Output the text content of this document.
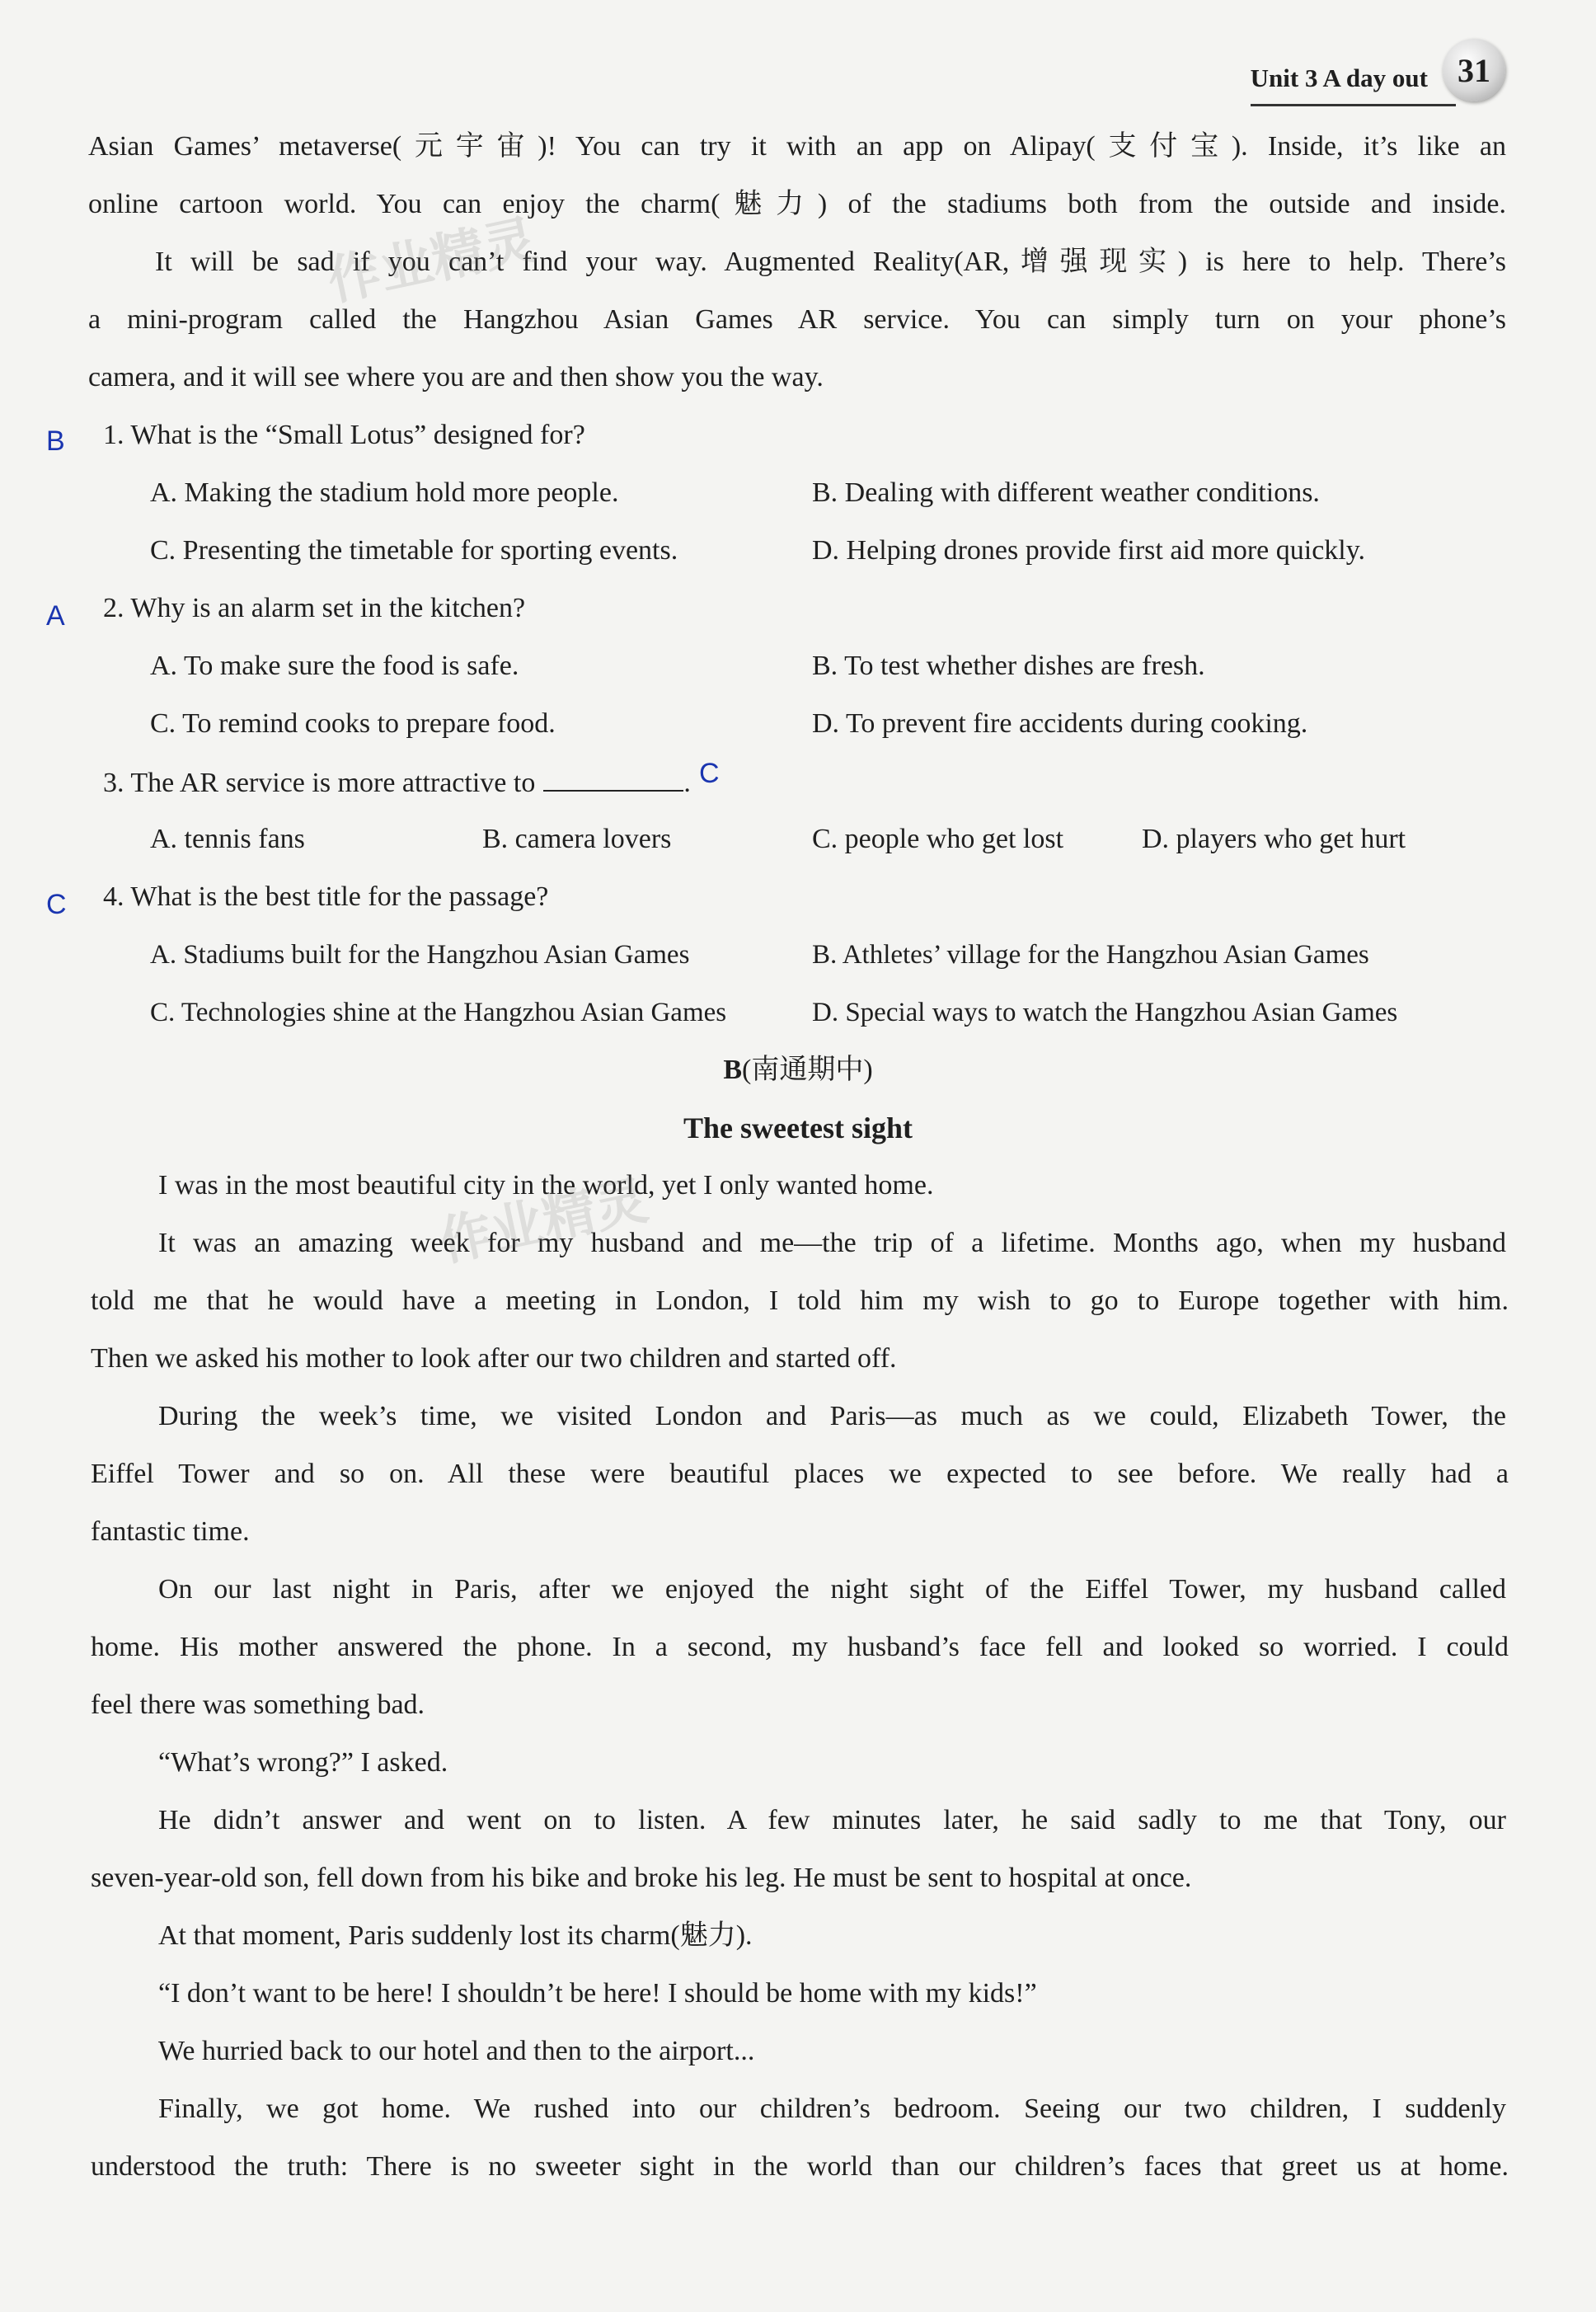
Unit 3 A day out 31
Asian Games’ metaverse(元宇宙)! You can try it with an app on Alipay(支付宝). Inside, it’s like an
online cartoon world. You can enjoy the charm(魅力) of the stadiums both from the outside and inside.
It will be sad if you can’t find your way. Augmented Reality(AR,增强现实) is here to help. There’s
a mini-program called the Hangzhou Asian Games AR service. You can simply turn on your phone’s
camera, and it will see where you are and then show you the way.
B 1. What is the “Small Lotus” designed for?
A. Making the stadium hold more people.	B. Dealing with different weather conditions.
C. Presenting the timetable for sporting events.	D. Helping drones provide first aid more quickly.
A 2. Why is an alarm set in the kitchen?
A. To make sure the food is safe.	B. To test whether dishes are fresh.
C. To remind cooks to prepare food.	D. To prevent fire accidents during cooking.
3. The AR service is more attractive to	. C
A. tennis fans	B. camera lovers	C. people who get lost	D. players who get hurt
C 4. What is the best title for the passage?
A. Stadiums built for the Hangzhou Asian Games	B. Athletes’ village for the Hangzhou Asian Games
C. Technologies shine at the Hangzhou Asian Games	D. Special ways to watch the Hangzhou Asian Games
B(南通期中)
The sweetest sight
I was in the most beautiful city in the world, yet I only wanted home.
It was an amazing week for my husband and me—the trip of a lifetime. Months ago, when my husband
told me that he would have a meeting in London, I told him my wish to go to Europe together with him.
Then we asked his mother to look after our two children and started off.
During the week’s time, we visited London and Paris—as much as we could, Elizabeth Tower, the
Eiffel Tower and so on. All these were beautiful places we expected to see before. We really had a
fantastic time.
On our last night in Paris, after we enjoyed the night sight of the Eiffel Tower, my husband called
home. His mother answered the phone. In a second, my husband’s face fell and looked so worried. I could
feel there was something bad.
“What’s wrong?” I asked.
He didn’t answer and went on to listen. A few minutes later, he said sadly to me that Tony, our
seven-year-old son, fell down from his bike and broke his leg. He must be sent to hospital at once.
At that moment, Paris suddenly lost its charm(魅力).
“I don’t want to be here! I shouldn’t be here! I should be home with my kids!”
We hurried back to our hotel and then to the airport...
Finally, we got home. We rushed into our children’s bedroom. Seeing our two children, I suddenly
understood the truth: There is no sweeter sight in the world than our children’s faces that greet us at home.
作业精灵
作业精灵
